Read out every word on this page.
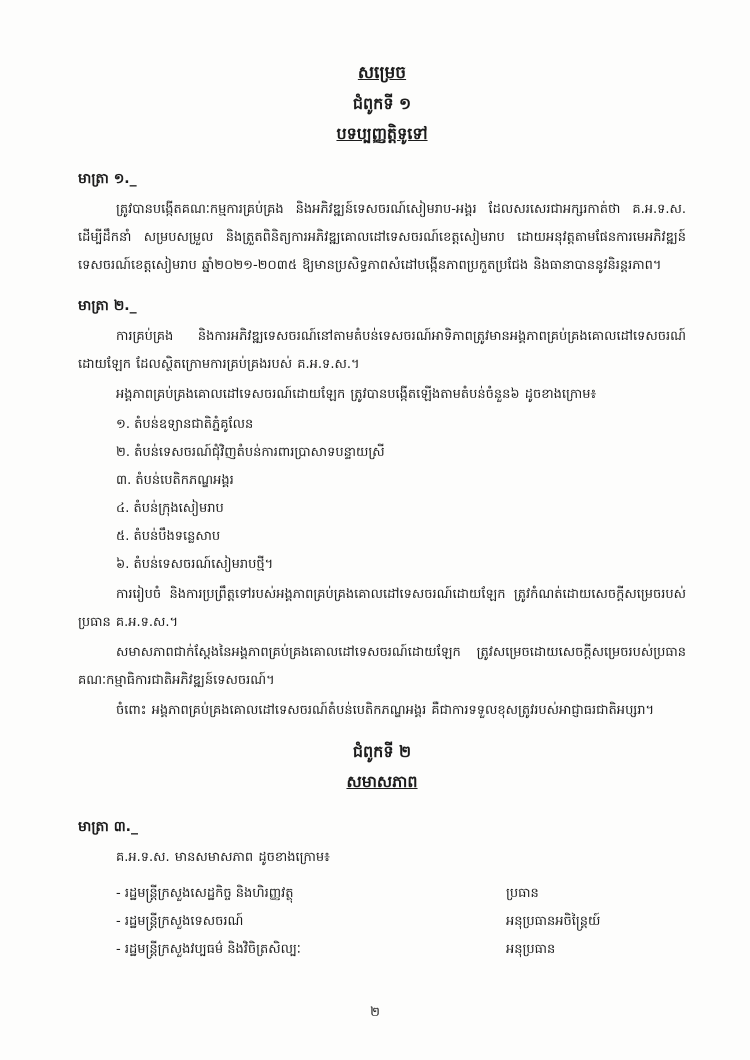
សម្រេច
ជំពូកទី ១
បទប្បញ្ញត្តិទូទៅ
មាត្រា ១._

ត្រូវបានបង្កើតគណៈកម្មការគ្រប់គ្រង និងអភិវឌ្ឍន៍ទេសចរណ៍សៀមរាប-អង្គរ ដែលសរសេរជាអក្សរកាត់ថា គ.អ.ទ.ស. ដើម្បីដឹកនាំ សម្របសម្រួល និងត្រួតពិនិត្យការអភិវឌ្ឍគោលដៅទេសចរណ៍ខេត្តសៀមរាប ដោយអនុវត្តតាមផែនការមេអភិវឌ្ឍន៍ទេសចរណ៍ខេត្តសៀមរាប ឆ្នាំ២០២១-២០៣៥ ឱ្យមានប្រសិទ្ធភាពសំដៅបង្កើនភាពប្រកួតប្រជែង និងធានាបាននូវនិរន្តរភាព។

មាត្រា ២._

ការគ្រប់គ្រង និងការអភិវឌ្ឍទេសចរណ៍នៅតាមតំបន់ទេសចរណ៍អាទិភាពត្រូវមានអង្គភាពគ្រប់គ្រងគោលដៅទេសចរណ៍ដោយឡែក ដែលស្ថិតក្រោមការគ្រប់គ្រងរបស់ គ.អ.ទ.ស.។

អង្គភាពគ្រប់គ្រងគោលដៅទេសចរណ៍ដោយឡែក ត្រូវបានបង្កើតឡើងតាមតំបន់ចំនួន៦ ដូចខាងក្រោម៖

១. តំបន់ឧទ្យានជាតិភ្នំគូលែន
២. តំបន់ទេសចរណ៍ជុំវិញតំបន់ការពារប្រាសាទបន្ទាយស្រី
៣. តំបន់បេតិកភណ្ឌអង្គរ
៤. តំបន់ក្រុងសៀមរាប
៥. តំបន់បឹងទន្លេសាប
៦. តំបន់ទេសចរណ៍សៀមរាបថ្មី។

ការរៀបចំ និងការប្រព្រឹត្តទៅរបស់អង្គភាពគ្រប់គ្រងគោលដៅទេសចរណ៍ដោយឡែក ត្រូវកំណត់ដោយសេចក្តីសម្រេចរបស់ប្រធាន គ.អ.ទ.ស.។

សមាសភាពជាក់ស្តែងនៃអង្គភាពគ្រប់គ្រងគោលដៅទេសចរណ៍ដោយឡែក ត្រូវសម្រេចដោយសេចក្តីសម្រេចរបស់ប្រធានគណៈកម្មាធិការជាតិអភិវឌ្ឍន៍ទេសចរណ៍។

ចំពោះ អង្គភាពគ្រប់គ្រងគោលដៅទេសចរណ៍តំបន់បេតិកភណ្ឌអង្គរ គឺជាការទទួលខុសត្រូវរបស់អាជ្ញាធរជាតិអប្សរា។

ជំពូកទី ២
សមាសភាព
មាត្រា ៣._

គ.អ.ទ.ស. មានសមាសភាព ដូចខាងក្រោម៖

- រដ្ឋមន្ត្រីក្រសួងសេដ្ឋកិច្ច និងហិរញ្ញវត្ថុ	ប្រធាន
- រដ្ឋមន្ត្រីក្រសួងទេសចរណ៍	អនុប្រធានអចិន្ត្រៃយ៍
- រដ្ឋមន្ត្រីក្រសួងវប្បធម៌ និងវិចិត្រសិល្បៈ	អនុប្រធាន
២
